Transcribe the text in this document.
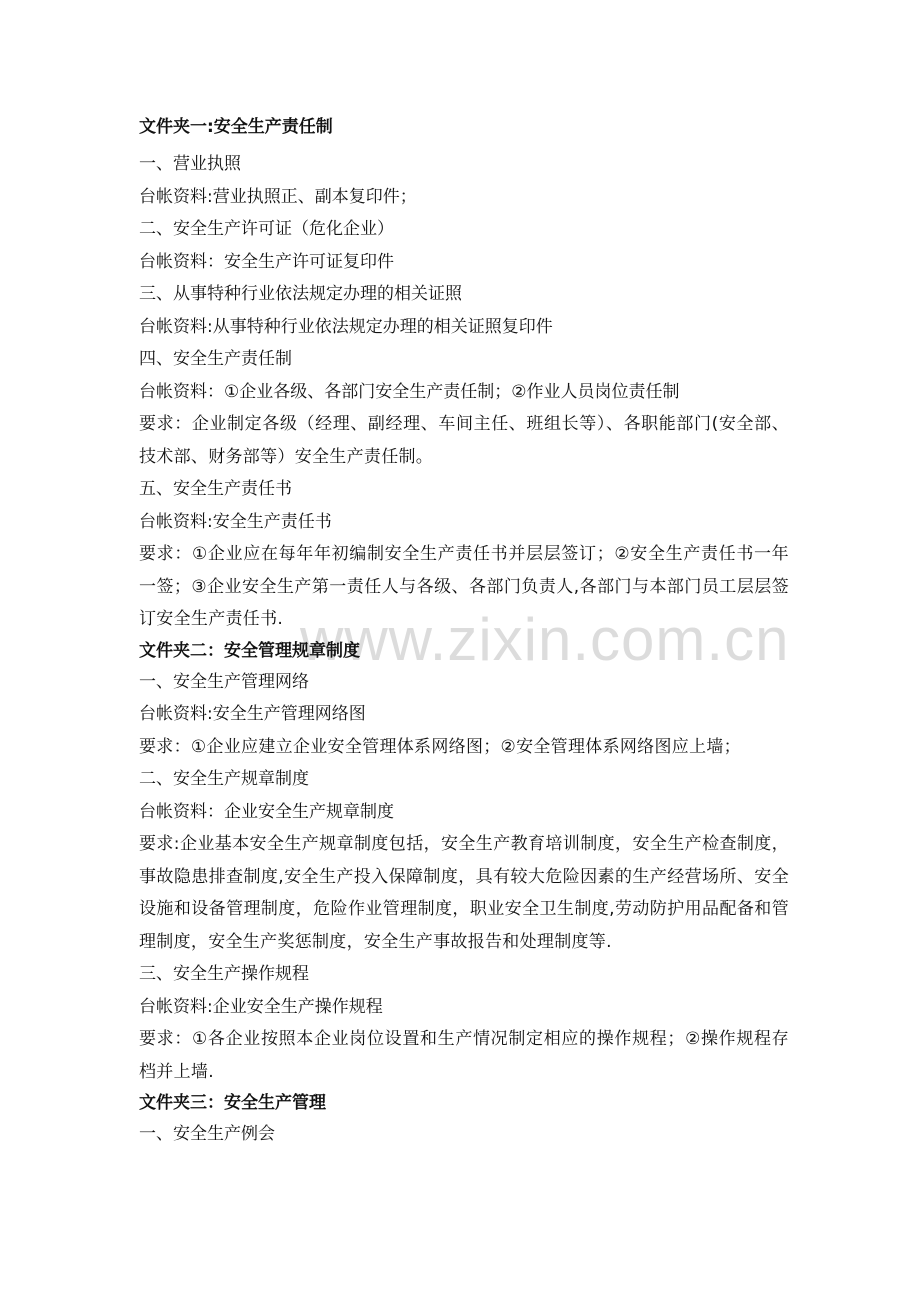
www.zixin.com.cn

文件夹一:安全生产责任制

一、营业执照

台帐资料:营业执照正、副本复印件；

二、安全生产许可证（危化企业）

台帐资料：安全生产许可证复印件

三、从事特种行业依法规定办理的相关证照

台帐资料:从事特种行业依法规定办理的相关证照复印件

四、安全生产责任制

台帐资料：①企业各级、各部门安全生产责任制；②作业人员岗位责任制

要求：企业制定各级（经理、副经理、车间主任、班组长等）、各职能部门(安全部、技术部、财务部等）安全生产责任制。

五、安全生产责任书

台帐资料:安全生产责任书

要求：①企业应在每年年初编制安全生产责任书并层层签订；②安全生产责任书一年一签；③企业安全生产第一责任人与各级、各部门负责人,各部门与本部门员工层层签订安全生产责任书.

文件夹二：安全管理规章制度

一、安全生产管理网络

台帐资料:安全生产管理网络图

要求：①企业应建立企业安全管理体系网络图；②安全管理体系网络图应上墙；

二、安全生产规章制度

台帐资料：企业安全生产规章制度

要求:企业基本安全生产规章制度包括，安全生产教育培训制度，安全生产检查制度，事故隐患排查制度,安全生产投入保障制度，具有较大危险因素的生产经营场所、安全设施和设备管理制度，危险作业管理制度，职业安全卫生制度,劳动防护用品配备和管理制度，安全生产奖惩制度，安全生产事故报告和处理制度等.

三、安全生产操作规程

台帐资料:企业安全生产操作规程

要求：①各企业按照本企业岗位设置和生产情况制定相应的操作规程；②操作规程存档并上墙.

文件夹三：安全生产管理

一、安全生产例会
